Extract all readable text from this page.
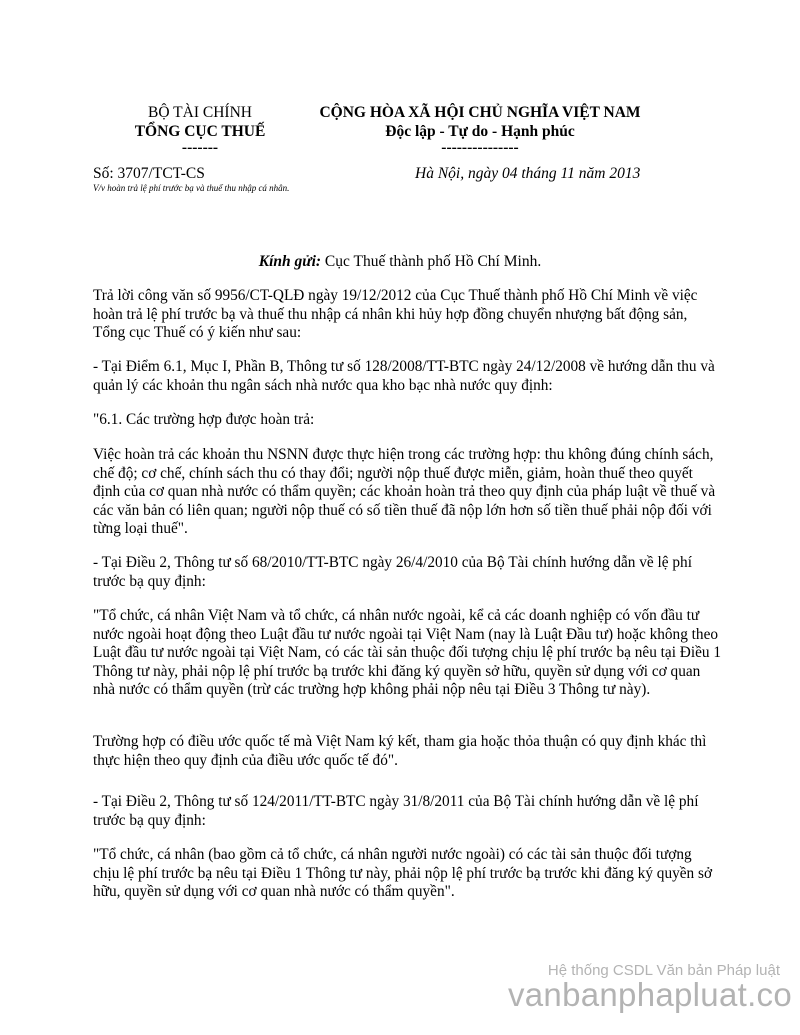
BỘ TÀI CHÍNH
TỔNG CỤC THUẾ
-------
CỘNG HÒA XÃ HỘI CHỦ NGHĨA VIỆT NAM
Độc lập - Tự do - Hạnh phúc
---------------
Số: 3707/TCT-CS
V/v hoàn trả lệ phí trước bạ và thuế thu nhập cá nhân.
Hà Nội, ngày 04 tháng 11 năm 2013
Kính gửi: Cục Thuế thành phố Hồ Chí Minh.

Trả lời công văn số 9956/CT-QLĐ ngày 19/12/2012 của Cục Thuế thành phố Hồ Chí Minh về việc hoàn trả lệ phí trước bạ và thuế thu nhập cá nhân khi hủy hợp đồng chuyển nhượng bất động sản, Tổng cục Thuế có ý kiến như sau:

- Tại Điểm 6.1, Mục I, Phần B, Thông tư số 128/2008/TT-BTC ngày 24/12/2008 về hướng dẫn thu và quản lý các khoản thu ngân sách nhà nước qua kho bạc nhà nước quy định:

"6.1. Các trường hợp được hoàn trả:

Việc hoàn trả các khoản thu NSNN được thực hiện trong các trường hợp: thu không đúng chính sách, chế độ; cơ chế, chính sách thu có thay đổi; người nộp thuế được miễn, giảm, hoàn thuế theo quyết định của cơ quan nhà nước có thẩm quyền; các khoản hoàn trả theo quy định của pháp luật về thuế và các văn bản có liên quan; người nộp thuế có số tiền thuế đã nộp lớn hơn số tiền thuế phải nộp đối với từng loại thuế".

- Tại Điều 2, Thông tư số 68/2010/TT-BTC ngày 26/4/2010 của Bộ Tài chính hướng dẫn về lệ phí trước bạ quy định:

"Tổ chức, cá nhân Việt Nam và tổ chức, cá nhân nước ngoài, kể cả các doanh nghiệp có vốn đầu tư nước ngoài hoạt động theo Luật đầu tư nước ngoài tại Việt Nam (nay là Luật Đầu tư) hoặc không theo Luật đầu tư nước ngoài tại Việt Nam, có các tài sản thuộc đối tượng chịu lệ phí trước bạ nêu tại Điều 1 Thông tư này, phải nộp lệ phí trước bạ trước khi đăng ký quyền sở hữu, quyền sử dụng với cơ quan nhà nước có thẩm quyền (trừ các trường hợp không phải nộp nêu tại Điều 3 Thông tư này).

Trường hợp có điều ước quốc tế mà Việt Nam ký kết, tham gia hoặc thỏa thuận có quy định khác thì thực hiện theo quy định của điều ước quốc tế đó".

- Tại Điều 2, Thông tư số 124/2011/TT-BTC ngày 31/8/2011 của Bộ Tài chính hướng dẫn về lệ phí trước bạ quy định:

"Tổ chức, cá nhân (bao gồm cả tổ chức, cá nhân người nước ngoài) có các tài sản thuộc đối tượng chịu lệ phí trước bạ nêu tại Điều 1 Thông tư này, phải nộp lệ phí trước bạ trước khi đăng ký quyền sở hữu, quyền sử dụng với cơ quan nhà nước có thẩm quyền".

Hệ thống CSDL Văn bản Pháp luật
vanbanphapluat.co
